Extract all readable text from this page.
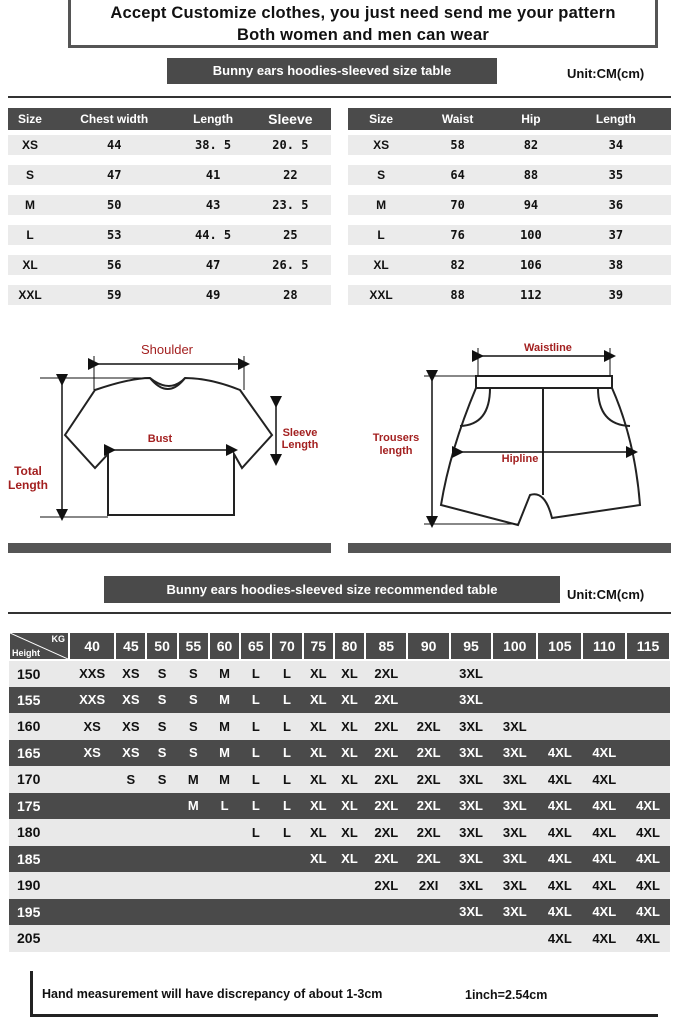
Accept Customize clothes, you just need send me your pattern
Both women and men can wear
Bunny ears hoodies-sleeved size table	Unit:CM(cm)
Size	Chest width	Length	Sleeve

XS	44	38. 5	20. 5

S	47	41	22

M	50	43	23. 5

L	53	44. 5	25

XL	56	47	26. 5

XXL	59	49	28
Size	Waist	Hip	Length

XS	58	82	34

S	64	88	35

M	70	94	36

L	76	100	37

XL	82	106	38

XXL	88	112	39
Shoulder
Bust	Sleeve Length
Total Length
Waistline
Trousers length
Hipline
Bunny ears hoodies-sleeved size recommended table	Unit:CM(cm)
KG
Height	40	45	50	55	60	65	70	75	80	85	90	95	100	105	110	115
150	XXS	XS	S	S	M	L	L	XL	XL	2XL		3XL				
155	XXS	XS	S	S	M	L	L	XL	XL	2XL		3XL				
160	XS	XS	S	S	M	L	L	XL	XL	2XL	2XL	3XL	3XL			
165	XS	XS	S	S	M	L	L	XL	XL	2XL	2XL	3XL	3XL	4XL	4XL	
170		S	S	M	M	L	L	XL	XL	2XL	2XL	3XL	3XL	4XL	4XL	
175				M	L	L	L	XL	XL	2XL	2XL	3XL	3XL	4XL	4XL	4XL
180						L	L	XL	XL	2XL	2XL	3XL	3XL	4XL	4XL	4XL
185								XL	XL	2XL	2XL	3XL	3XL	4XL	4XL	4XL
190										2XL	2XI	3XL	3XL	4XL	4XL	4XL
195												3XL	3XL	4XL	4XL	4XL
205														4XL	4XL	4XL
Hand measurement will have discrepancy of about 1-3cm	1inch=2.54cm
